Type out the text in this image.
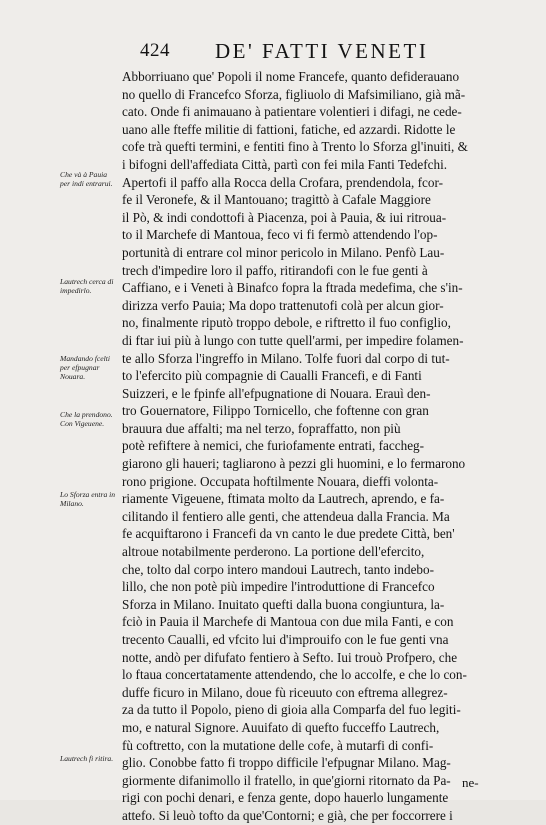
424 DE' FATTI VENETI
Che và à Pauia per indi entrarui.
Lautrech cerca di impedirlo.
Mandando fcelti per efpugnar Nouara.
Che la prendono. Con Vigeuene.
Lo Sforza entra in Milano.
Lautrech fi ritira.
Abborriuano que' Popoli il nome Francefe, quanto defiderauano
no quello di Francefco Sforza, figliuolo di Mafsimiliano, già mã-
cato. Onde fi animauano à patientare volentieri i difagi, ne cede-
uano alle fteffe militie di fattioni, fatiche, ed azzardi. Ridotte le
cofe trà quefti termini, e fentiti fino à Trento lo Sforza gl'inuiti, &
i bifogni dell'affediata Città, partì con fei mila Fanti Tedefchi.
Apertofi il paffo alla Rocca della Crofara, prendendola, fcor-
fe il Veronefe, & il Mantouano; tragittò à Cafale Maggiore
il Pò, & indi condottofi à Piacenza, poi à Pauia, & iui ritroua-
to il Marchefe di Mantoua, feco vi fi fermò attendendo l'op-
portunità di entrare col minor pericolo in Milano. Penfò Lau-
trech d'impedire loro il paffo, ritirandofi con le fue genti à
Caffiano, e i Veneti à Binafco fopra la ftrada medefima, che s'in-
dirizza verfo Pauia; Ma dopo trattenutofi colà per alcun gior-
no, finalmente riputò troppo debole, e riftretto il fuo configlio,
di ftar iui più à lungo con tutte quell'armi, per impedire folamen-
te allo Sforza l'ingreffo in Milano. Tolfe fuori dal corpo di tut-
to l'efercito più compagnie di Caualli Francefi, e di Fanti
Suizzeri, e le fpinfe all'efpugnatione di Nouara. Erauì den-
tro Gouernatore, Filippo Tornicello, che foftenne con gran
brauura due affalti; ma nel terzo, fopraffatto, non più
potè refiftere à nemici, che furiofamente entrati, faccheg-
giarono gli haueri; tagliarono à pezzi gli huomini, e lo fermarono
rono prigione. Occupata hoftilmente Nouara, dieffi volonta-
riamente Vigeuene, ftimata molto da Lautrech, aprendo, e fa-
cilitando il fentiero alle genti, che attendeua dalla Francia. Ma
fe acquiftarono i Francefi da vn canto le due predete Città, ben'
altroue notabilmente perderono. La portione dell'efercito,
che, tolto dal corpo intero mandoui Lautrech, tanto indebo-
lillo, che non potè più impedire l'introduttione di Francefco
Sforza in Milano. Inuitato quefti dalla buona congiuntura, la-
fciò in Pauia il Marchefe di Mantoua con due mila Fanti, e con
trecento Caualli, ed vfcito lui d'improuifo con le fue genti vna
notte, andò per difufato fentiero à Sefto. Iui trouò Profpero, che
lo ftaua concertatamente attendendo, che lo accolfe, e che lo con-
duffe ficuro in Milano, doue fù riceuuto con eftrema allegrez-
za da tutto il Popolo, pieno di gioia alla Comparfa del fuo legiti-
mo, e natural Signore. Auuifato di quefto fucceffo Lautrech,
fù coftretto, con la mutatione delle cofe, à mutarfi di confi-
glio. Conobbe fatto fi troppo difficile l'efpugnar Milano. Mag-
giormente difanimollo il fratello, in que'giorni ritornato da Pa-
rigi con pochi denari, e fenza gente, dopo hauerlo lungamente
attefo. Si leuò tofto da que'Contorni; e già, che per foccorrere i
ne-
